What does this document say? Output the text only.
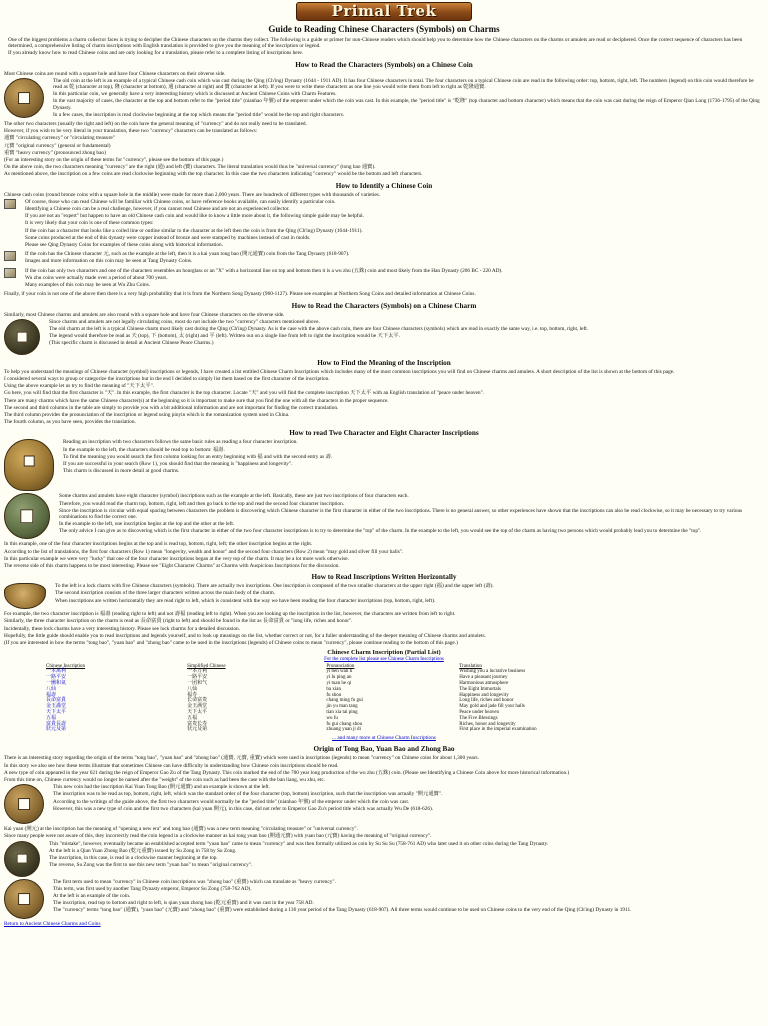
Primal Trek
Guide to Reading Chinese Characters (Symbols) on Charms
One of the biggest problems a charm collector faces is trying to decipher the Chinese characters on the charms they collect. The following is a guide or primer for non-Chinese readers which should help you to determine how the Chinese characters on the charms or amulets are read or deciphered. Once the correct sequence of characters has been determined, a comprehensive listing of charm inscriptions with English translation is provided to give you the meaning of the inscription or legend.
If you already know how to read Chinese coins and are only looking for a translation, please refer to a complete listing of inscriptions here.
How to Read the Characters (Symbols) on a Chinese Coin
Most Chinese coins are round with a square hole and have four Chinese characters on their obverse side.
The old coin at the left is an example of a typical Chinese cash coin which was cast during the Qing (Ch'ing) Dynasty (1644 - 1911 AD). It has four Chinese characters in total. The four characters on a typical Chinese coin are read in the following order: top, bottom, right, left. The numbers (legend) on this coin would therefore be read as 乾 (character at top), 隆 (character at bottom), 通 (character at right) and 寶 (character at left). If you were to write these characters as one line you would write them from left to right as 乾隆通寶.
In this particular coin, we generally have a very interesting history which is discussed at Ancient Chinese Coins with Charm Features.
In the vast majority of cases, the character at the top and bottom refer to the "period title" (nianhao 年號) of the emperor under which the coin was cast. In this example, the "period title" is "乾隆" (top character and bottom character) which means that the coin was cast during the reign of Emperor Qian Long (1736-1795) of the Qing Dynasty.
In a few cases, the inscription is read clockwise beginning at the top which means the "period title" would be the top and right characters.
The other two characters (usually the right and left) on the coin have the general meaning of "currency" and do not really need to be translated.
However, if you wish to be very literal in your translation, these two "currency" characters can be translated as follows:
通寶 "circulating currency" or "circulating treasure"
元寶 "original currency" (general or fundamental)
重寶 "heavy currency" (pronounced zhong bao)
(For an interesting story on the origin of these terms for "currency", please see the bottom of this page.)
On the above coin, the two characters meaning "currency" are the right (通) and left (寶) characters. The literal translation would thus be "universal currency" (tong bao 通寶).
As mentioned above, the inscription on a few coins are read clockwise beginning with the top character. In this case the two characters indicating "currency" would be the bottom and left characters.
How to Identify a Chinese Coin
Chinese cash coins (round bronze coins with a square hole in the middle) were made for more than 2,000 years. There are hundreds of different types with thousands of varieties.
Of course, those who can read Chinese will be familiar with Chinese coins, or have reference books available, can easily identify a particular coin.
Identifying a Chinese coin can be a real challenge, however, if you cannot read Chinese and are not an experienced collector.
If you are not an "expert" but happen to have an old Chinese cash coin and would like to know a little more about it, the following simple guide may be helpful.
It is very likely that your coin is one of these common types:
If the coin has a character that looks like a coiled line or outline similar to the character at the left then the coin is from the Qing (Ch'ing) Dynasty (1644-1911).
Some coins produced at the end of this dynasty were copper instead of bronze and were stamped by machines instead of cast in molds.
Please see Qing Dynasty Coins for examples of these coins along with historical information.
If the coin has the Chinese character 元, such as the example at the left, then it is a kai yuan tong bao (開元通寶) coin from the Tang Dynasty (618-907).
Images and more information on this coin may be seen at Tang Dynasty Coins.
If the coin has only two characters and one of the characters resembles an hourglass or an "X" with a horizontal line on top and bottom then it is a wu zhu (五銖) coin and most likely from the Han Dynasty (206 BC - 220 AD).
Wu zhu coins were actually made over a period of about 700 years.
Many examples of this coin may be seen at Wu Zhu Coins.
Finally, if your coin is not one of the above then there is a very high probability that it is from the Northern Song Dynasty (960-1127). Please see examples at Northern Song Coins and detailed information at Chinese Coins.
How to Read the Characters (Symbols) on a Chinese Charm
Similarly, most Chinese charms and amulets are also round with a square hole and have four Chinese characters on the obverse side.
Since charms and amulets are not legally circulating coins, most do not include the two "currency" characters mentioned above.
The old charm at the left is a typical Chinese charm most likely cast during the Qing (Ch'ing) Dynasty. As is the case with the above cash coin, there are four Chinese characters (symbols) which are read in exactly the same way, i.e. top, bottom, right, left.
The legend would therefore be read as 天 (top), 下 (bottom), 太 (right) and 平 (left). Written out on a single line from left to right the inscription would be 天下太平.
(This specific charm is discussed in detail at Ancient Chinese Peace Charms.)
How to Find the Meaning of the Inscription
To help you understand the meanings of Chinese character (symbol) inscriptions or legends, I have created a list entitled Chinese Charm Inscriptions which includes many of the most common inscriptions you will find on Chinese charms and amulets. A short description of the list is shown at the bottom of this page.
I considered several ways to group or categorize the inscriptions but in the end I decided to simply list them based on the first character of the inscription.
Using the above example let us try to find the meaning of "天下太平".
Go here, you will find that the first character is "天". In this example, the first character is the top character. Locate "天" and you will find the complete inscription 天下太平 with an English translation of "peace under heaven".
There are many charms which have the same Chinese character(s) at the beginning so it is important to make sure that you find the one with all the characters in the proper sequence.
The second and third columns in the table are simply to provide you with a bit additional information and are not important for finding the correct translation.
The third column provides the pronunciation of the inscription or legend using pinyin which is the romanization system used in China.
The fourth column, as you have seen, provides the translation.
How to read Two Character and Eight Character Inscriptions
Reading an inscription with two characters follows the same basic rules as reading a four character inscription.
In the example to the left, the characters should be read top to bottom: 福壽.
To find the meaning you would search the first column looking for an entry beginning with 福 and with the second entry as 壽.
If you are successful in your search (Row 1), you should find that the meaning is "happiness and longevity".
This charm is discussed in more detail at good charms.
Some charms and amulets have eight character (symbol) inscriptions such as the example at the left. Basically, these are just two inscriptions of four characters each.
Therefore, you would read the charm top, bottom, right, left and then go back to the top and read the second four character inscription.
Since the inscription is circular with equal spacing between characters the problem is discovering which Chinese character is the first character in either of the two inscriptions. There is no general answer, so other experiences have shown that the inscriptions can also be read clockwise, so it may be necessary to try various combinations to find the correct one.
In the example to the left, one inscription begins at the top and the other at the left.
The only advice I can give as to discovering which is the first character in either of the two four character inscriptions is to try to determine the "top" of the charm. In the example to the left, you would see the top of the charm as having two persons which would probably lead you to determine the "top".
In this example, one of the four character inscriptions begins at the top and is read top, bottom, right, left; the other inscription begins at the right.
According to the list of translations, the first four characters (Row 1) mean "longevity, wealth and honor" and the second four characters (Row 2) mean "may gold and silver fill your halls".
In this particular example we were very "lucky" that one of the four character inscriptions began at the very top of the charm. It may be a lot more work otherwise.
The reverse side of this charm happens to be most interesting. Please see "Eight Character Charms" at Charms with Auspicious Inscriptions for the discussion.
How to Read Inscriptions Written Horizontally
To the left is a lock charm with five Chinese characters (symbols). There are actually two inscriptions. One inscription is composed of the two smaller characters at the upper right (福) and the upper left (壽).
The second inscription consists of the three larger characters written across the main body of the charm.
When inscriptions are written horizontally they are read right to left, which is consistent with the way we have been reading the four character inscriptions (top, bottom, right, left).
For example, the two character inscription is 福壽 (reading right to left) and not 壽福 (reading left to right). When you are looking up the inscription in the list, however, the characters are written from left to right.
Similarly, the three character inscription on the charm is read as 長命富貴 (right to left) and should be found in the list as 長命富貴 or "long life, riches and honor".
Incidentally, these lock charms have a very interesting history. Please see lock charms for a detailed discussion.
Hopefully, the little guide should enable you to read inscriptions and legends yourself, and to look up meanings on the list, whether correct or not, for a fuller understanding of the deeper meaning of Chinese charms and amulets.
(If you are interested in how the terms "tong bao", "yuan bao" and "zhong bao" came to be used in the inscriptions (legends) of Chinese coins to mean "currency", please continue reading to the bottom of this page.)
Chinese Charm Inscription (Partial List)
For the complete list please see Chinese Charm Inscriptions
Chinese Inscription	Simplified Chinese	Pronunciation	Translation
一本萬利	一本万利	yi ben wan li	Wishing you a lucrative business
一路平安	一路平安	yi lu ping an	Have a pleasant journey
一團和氣	一团和气	yi tuan he qi	Harmonious atmosphere
八仙	八仙	ba xian	The Eight Immortals
福壽	福寿	fu shou	Happiness and longevity
長命富貴	长命富贵	chang ming fu gui	Long life, riches and honor
金玉滿堂	金玉满堂	jin yu man tang	May gold and jade fill your halls
天下太平	天下太平	tian xia tai ping	Peace under heaven
五福	五福	wu fu	The Five Blessings
富貴長壽	富贵长寿	fu gui chang shou	Riches, honor and longevity
狀元及第	状元及第	zhuang yuan ji di	First place in the imperial examination
... and many more at Chinese Charm Inscriptions
Origin of Tong Bao, Yuan Bao and Zhong Bao
There is an interesting story regarding the origin of the terms "tong bao", "yuan bao" and "zhong bao" (通寶, 元寶, 重寶) which were used in inscriptions (legends) to mean "currency" on Chinese coins for about 1,300 years.
In this story we also see how these terms illustrate that sometimes Chinese can have difficulty in understanding how Chinese coin inscriptions should be read.
A new type of coin appeared in the year 621 during the reign of Emperor Gao Zu of the Tang Dynasty. This coin marked the end of the 700 year long production of the wu zhu (五銖) coin. (Please see Identifying a Chinese Coin above for more historical information.)
From this time on, Chinese currency would no longer be named after the "weight" of the coin such as had been the case with the ban liang, wu zhu, etc.
This new coin had the inscription Kai Yuan Tong Bao (開元通寶) and an example is shown at the left.
The inscription was to be read as top, bottom, right, left, which was the standard order of the four character (top, bottom) inscription, such that the inscription was actually "開元通寶".
According to the writings of the guide above, the first two characters would normally be the "period title" (nianhao 年號) of the emperor under which the coin was cast.
However, this was a new type of coin and the first two characters (kai yuan 開元), in this case, did not refer to Emperor Gao Zu's period title which was actually Wu De (618-626).
Kai yuan (開元) at the inscription has the meaning of "opening a new era" and tong bao (通寶) was a new term meaning "circulating treasure" or "universal currency".
Since many people were not aware of this, they incorrectly read the coin legend in a clockwise manner as kai tong yuan bao (開通元寶) with yuan bao (元寶) having the meaning of "original currency".
This "mistake", however, eventually became an established accepted term "yuan bao" came to mean "currency" and was then formally utilized as coin by Su Su Su (758-761 AD) who later used it on other coins during the Tang Dynasty.
At the left is a Qian Yuan Zhong Bao (乾元重寶) issued by Su Zong in 758 by Su Zong.
The inscription, in this case, is read in a clockwise manner beginning at the top.
The reverse, Su Zong was the first to use this new term "yuan bao" to mean "original currency".
The first term used to mean "currency" in Chinese coin inscriptions was "zhong bao" (重寶) which can translate as "heavy currency".
This term, was first used by another Tang Dynasty emperor, Emperor Su Zong (758-762 AD).
At the left is an example of the coin.
The inscription, read top to bottom and right to left, is qian yuan zhong bao (乾元重寶) and it was cast in the year 758 AD.
The "currency" terms "tong bao" (通寶), "yuan bao" (元寶) and "zhong bao" (重寶) were established during a 136 year period of the Tang Dynasty (618-907). All three terms would continue to be used on Chinese coins to the very end of the Qing (Ch'ing) Dynasty in 1911.
Return to Ancient Chinese Charms and Coins
